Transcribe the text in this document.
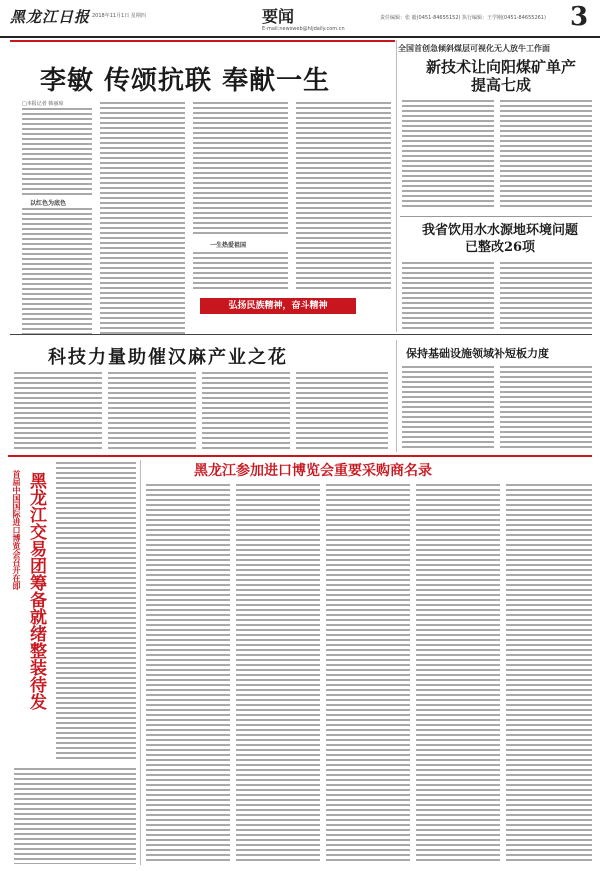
黑龙江日报 2018年11月1日 星期四	要闻
E-mail:newsweb@hljdaily.com.cn
责任编辑：张 毅(0451-84655152) 执行编辑：王学刚(0451-84655261) 3
李敏 传颂抗联 奉献一生
□本报记者 韩丽琼
以红色为底色
一生热爱祖国
弘扬民族精神，奋斗精神
全国首创急倾斜煤层可视化无人放牛工作面
新技术让向阳煤矿单产提高七成
我省饮用水水源地环境问题已整改26项
科技力量助催汉麻产业之花	保持基础设施领域补短板力度
首届中国国际进口博览会召开在即 黑龙江交易团筹备就绪整装待发
黑龙江参加进口博览会重要采购商名录
